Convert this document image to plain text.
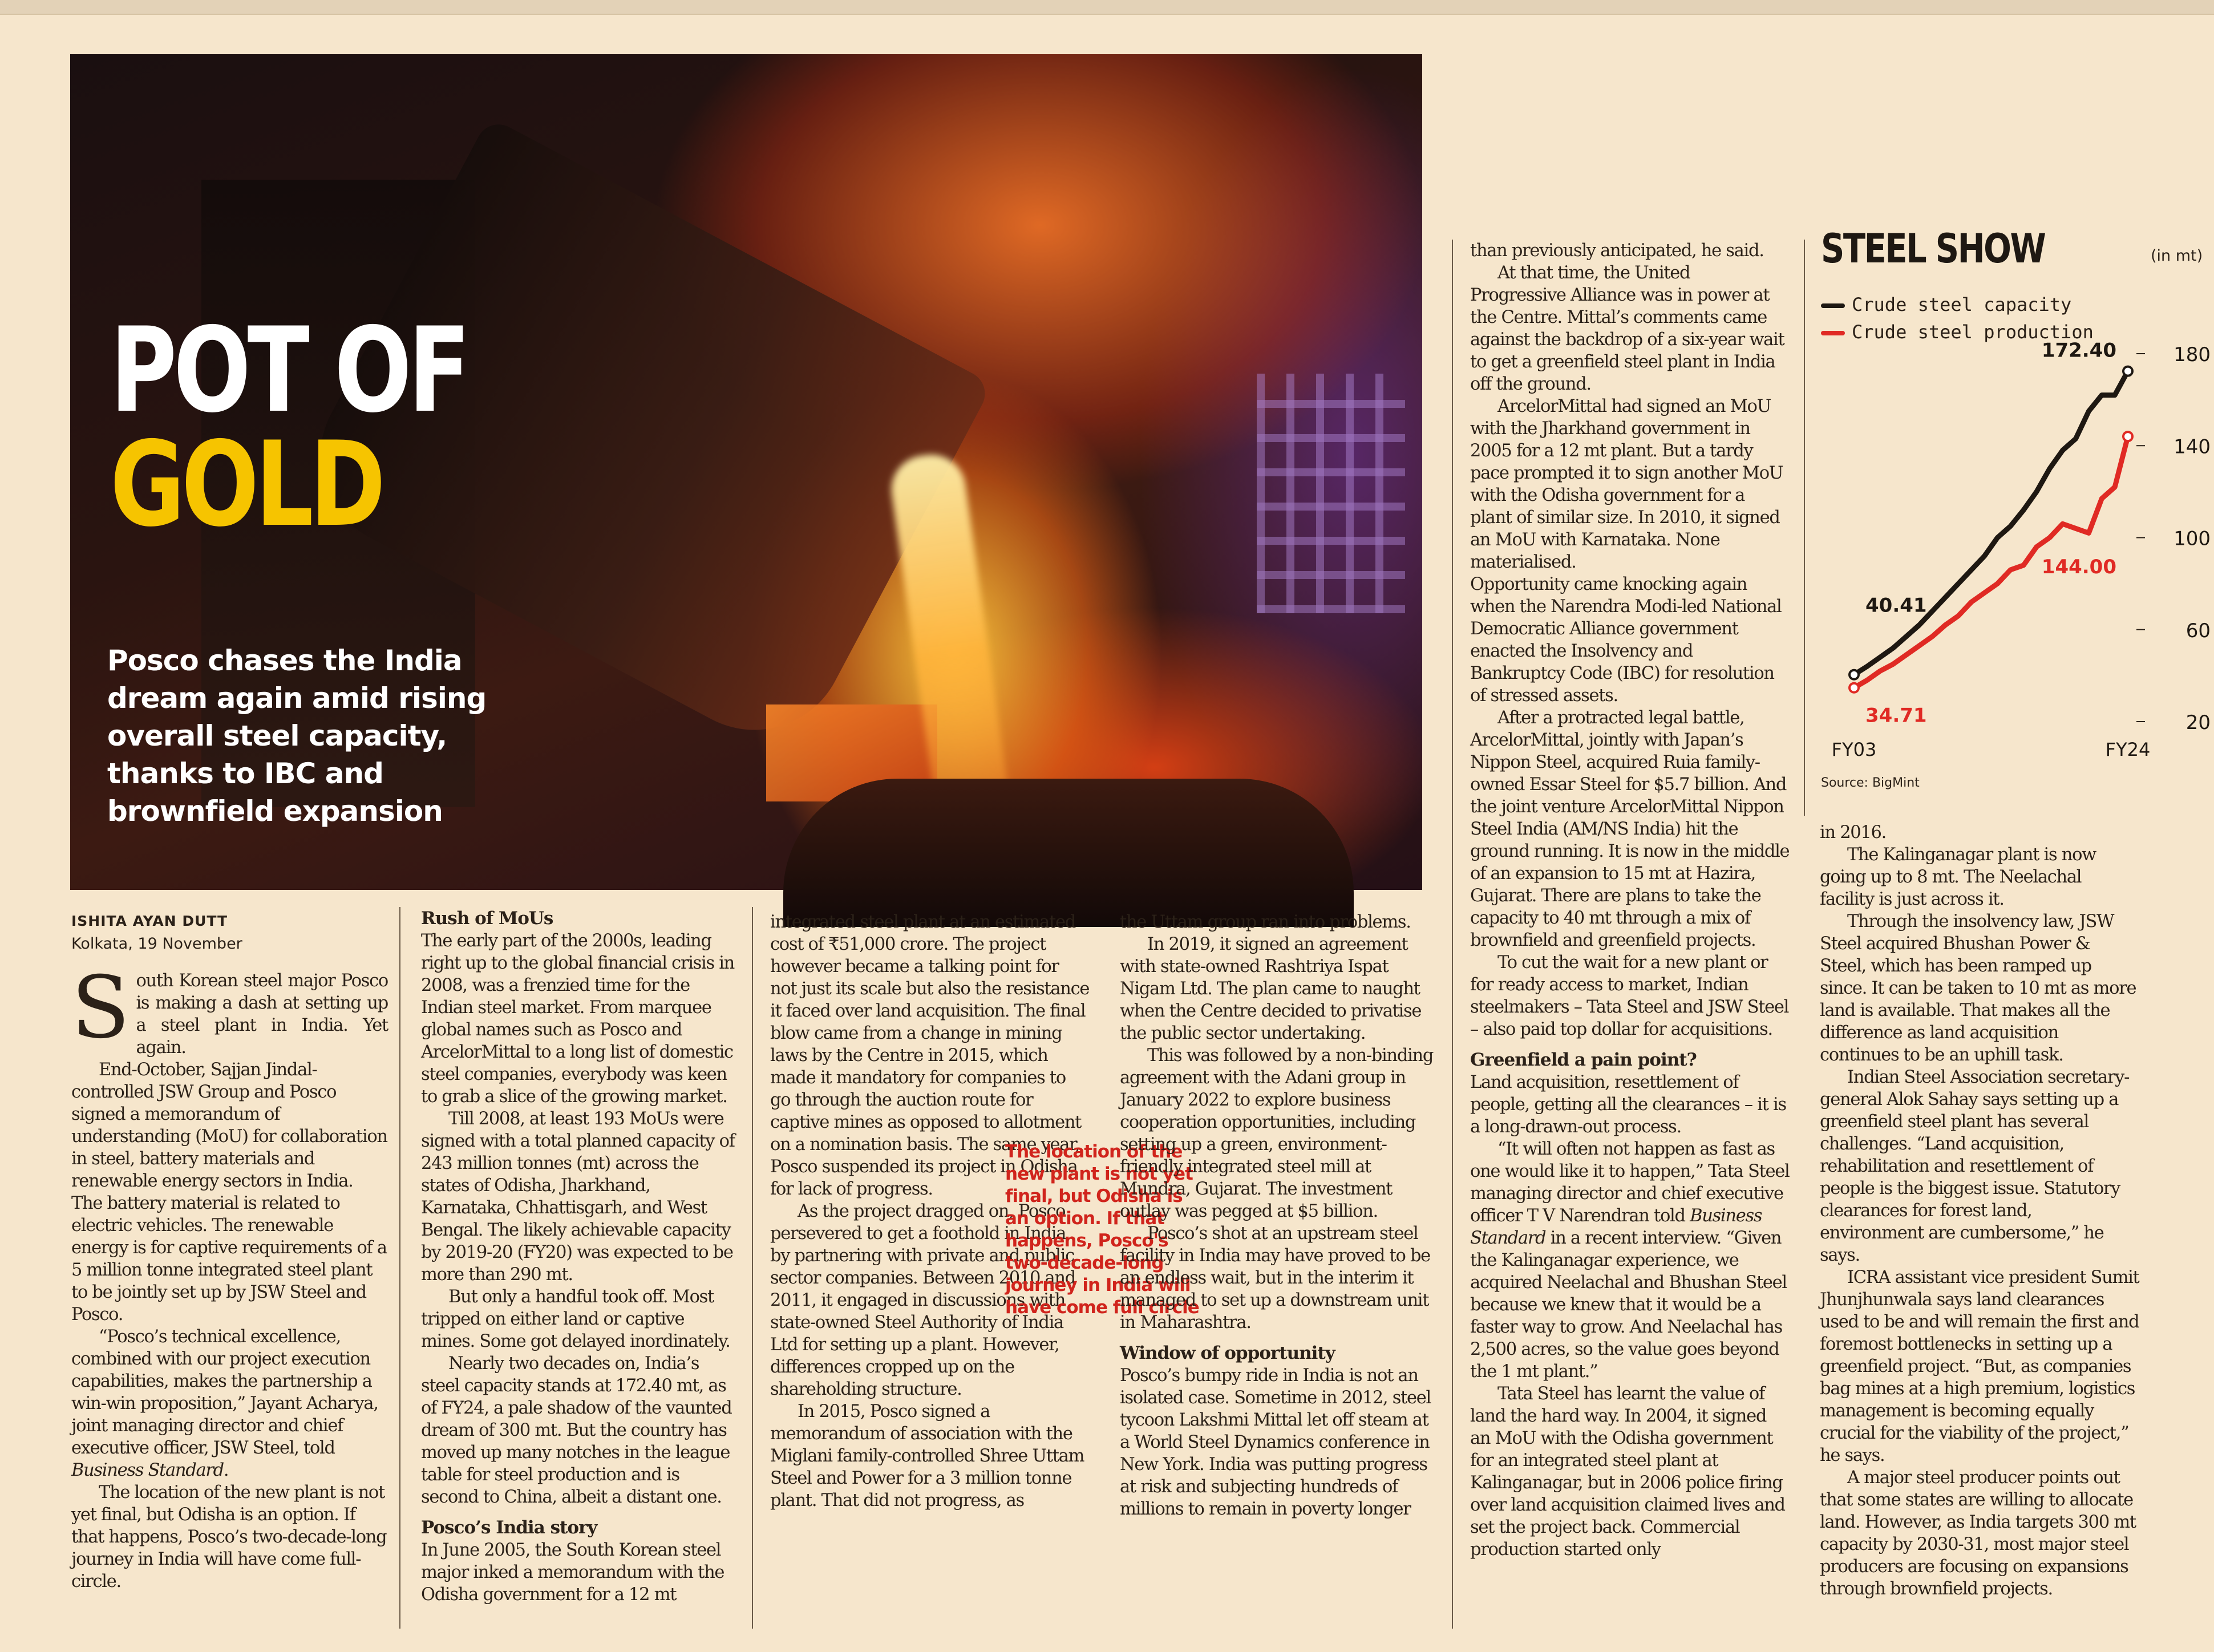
POT OF
GOLD
Posco chases the India dream again amid rising overall steel capacity, thanks to IBC and brownfield expansion
ISHITA AYAN DUTT
Kolkata, 19 November

South Korean steel major Posco is making a dash at setting up a steel plant in India. Yet again.

End-October, Sajjan Jindal-controlled JSW Group and Posco signed a memorandum of understanding (MoU) for collaboration in steel, battery materials and renewable energy sectors in India. The battery material is related to electric vehicles. The renewable energy is for captive requirements of a 5 million tonne integrated steel plant to be jointly set up by JSW Steel and Posco.

“Posco’s technical excellence, combined with our project execution capabilities, makes the partnership a win-win proposition,” Jayant Acharya, joint managing director and chief executive officer, JSW Steel, told Business Standard.

The location of the new plant is not yet final, but Odisha is an option. If that happens, Posco’s two-decade-long journey in India will have come full-circle.

Rush of MoUs

The early part of the 2000s, leading right up to the global financial crisis in 2008, was a frenzied time for the Indian steel market. From marquee global names such as Posco and ArcelorMittal to a long list of domestic steel companies, everybody was keen to grab a slice of the growing market.

Till 2008, at least 193 MoUs were signed with a total planned capacity of 243 million tonnes (mt) across the states of Odisha, Jharkhand, Karnataka, Chhattisgarh, and West Bengal. The likely achievable capacity by 2019-20 (FY20) was expected to be more than 290 mt.

But only a handful took off. Most tripped on either land or captive mines. Some got delayed inordinately.

Nearly two decades on, India’s steel capacity stands at 172.40 mt, as of FY24, a pale shadow of the vaunted dream of 300 mt. But the country has moved up many notches in the league table for steel production and is second to China, albeit a distant one.

Posco’s India story

In June 2005, the South Korean steel major inked a memorandum with the Odisha government for a 12 mt

integrated steel plant at an estimated cost of ₹51,000 crore. The project however became a talking point for not just its scale but also the resistance it faced over land acquisition. The final blow came from a change in mining laws by the Centre in 2015, which made it mandatory for companies to go through the auction route for captive mines as opposed to allotment on a nomination basis. The same year, Posco suspended its project in Odisha for lack of progress.

As the project dragged on, Posco persevered to get a foothold in India by partnering with private and public sector companies. Between 2010 and 2011, it engaged in discussions with state-owned Steel Authority of India Ltd for setting up a plant. However, differences cropped up on the shareholding structure.

In 2015, Posco signed a memorandum of association with the Miglani family-controlled Shree Uttam Steel and Power for a 3 million tonne plant. That did not progress, as

The location of the new plant is not yet final, but Odisha is an option. If that happens, Posco's two-decade-long journey in India will have come full circle

the Uttam group ran into problems.

In 2019, it signed an agreement with state-owned Rashtriya Ispat Nigam Ltd. The plan came to naught when the Centre decided to privatise the public sector undertaking.

This was followed by a non-binding agreement with the Adani group in January 2022 to explore business cooperation opportunities, including setting up a green, environment-friendly integrated steel mill at Mundra, Gujarat. The investment outlay was pegged at $5 billion.

Posco’s shot at an upstream steel facility in India may have proved to be an endless wait, but in the interim it managed to set up a downstream unit in Maharashtra.

Window of opportunity

Posco’s bumpy ride in India is not an isolated case. Sometime in 2012, steel tycoon Lakshmi Mittal let off steam at a World Steel Dynamics conference in New York. India was putting progress at risk and subjecting hundreds of millions to remain in poverty longer

than previously anticipated, he said.

At that time, the United Progressive Alliance was in power at the Centre. Mittal’s comments came against the backdrop of a six-year wait to get a greenfield steel plant in India off the ground.

ArcelorMittal had signed an MoU with the Jharkhand government in 2005 for a 12 mt plant. But a tardy pace prompted it to sign another MoU with the Odisha government for a plant of similar size. In 2010, it signed an MoU with Karnataka. None materialised.

Opportunity came knocking again when the Narendra Modi-led National Democratic Alliance government enacted the Insolvency and Bankruptcy Code (IBC) for resolution of stressed assets.

After a protracted legal battle, ArcelorMittal, jointly with Japan’s Nippon Steel, acquired Ruia family-owned Essar Steel for $5.7 billion. And the joint venture ArcelorMittal Nippon Steel India (AM/NS India) hit the ground running. It is now in the middle of an expansion to 15 mt at Hazira, Gujarat. There are plans to take the capacity to 40 mt through a mix of brownfield and greenfield projects.

To cut the wait for a new plant or for ready access to market, Indian steelmakers – Tata Steel and JSW Steel – also paid top dollar for acquisitions.

Greenfield a pain point?

Land acquisition, resettlement of people, getting all the clearances – it is a long-drawn-out process.

“It will often not happen as fast as one would like it to happen,” Tata Steel managing director and chief executive officer T V Narendran told Business Standard in a recent interview. “Given the Kalinganagar experience, we acquired Neelachal and Bhushan Steel because we knew that it would be a faster way to grow. And Neelachal has 2,500 acres, so the value goes beyond the 1 mt plant.”

Tata Steel has learnt the value of land the hard way. In 2004, it signed an MoU with the Odisha government for an integrated steel plant at Kalinganagar, but in 2006 police firing over land acquisition claimed lives and set the project back. Commercial production started only

STEEL SHOW	(in mt)
Crude steel capacity
Crude steel production
180
140
100
60
20
FY03	FY24
172.40
144.00
40.41
34.71
Source: BigMint

in 2016.

The Kalinganagar plant is now going up to 8 mt. The Neelachal facility is just across it.

Through the insolvency law, JSW Steel acquired Bhushan Power & Steel, which has been ramped up since. It can be taken to 10 mt as more land is available. That makes all the difference as land acquisition continues to be an uphill task.

Indian Steel Association secretary-general Alok Sahay says setting up a greenfield steel plant has several challenges. “Land acquisition, rehabilitation and resettlement of people is the biggest issue. Statutory clearances for forest land, environment are cumbersome,” he says.

ICRA assistant vice president Sumit Jhunjhunwala says land clearances used to be and will remain the first and foremost bottlenecks in setting up a greenfield project. “But, as companies bag mines at a high premium, logistics management is becoming equally crucial for the viability of the project,” he says.

A major steel producer points out that some states are willing to allocate land. However, as India targets 300 mt capacity by 2030-31, most major steel producers are focusing on expansions through brownfield projects.
